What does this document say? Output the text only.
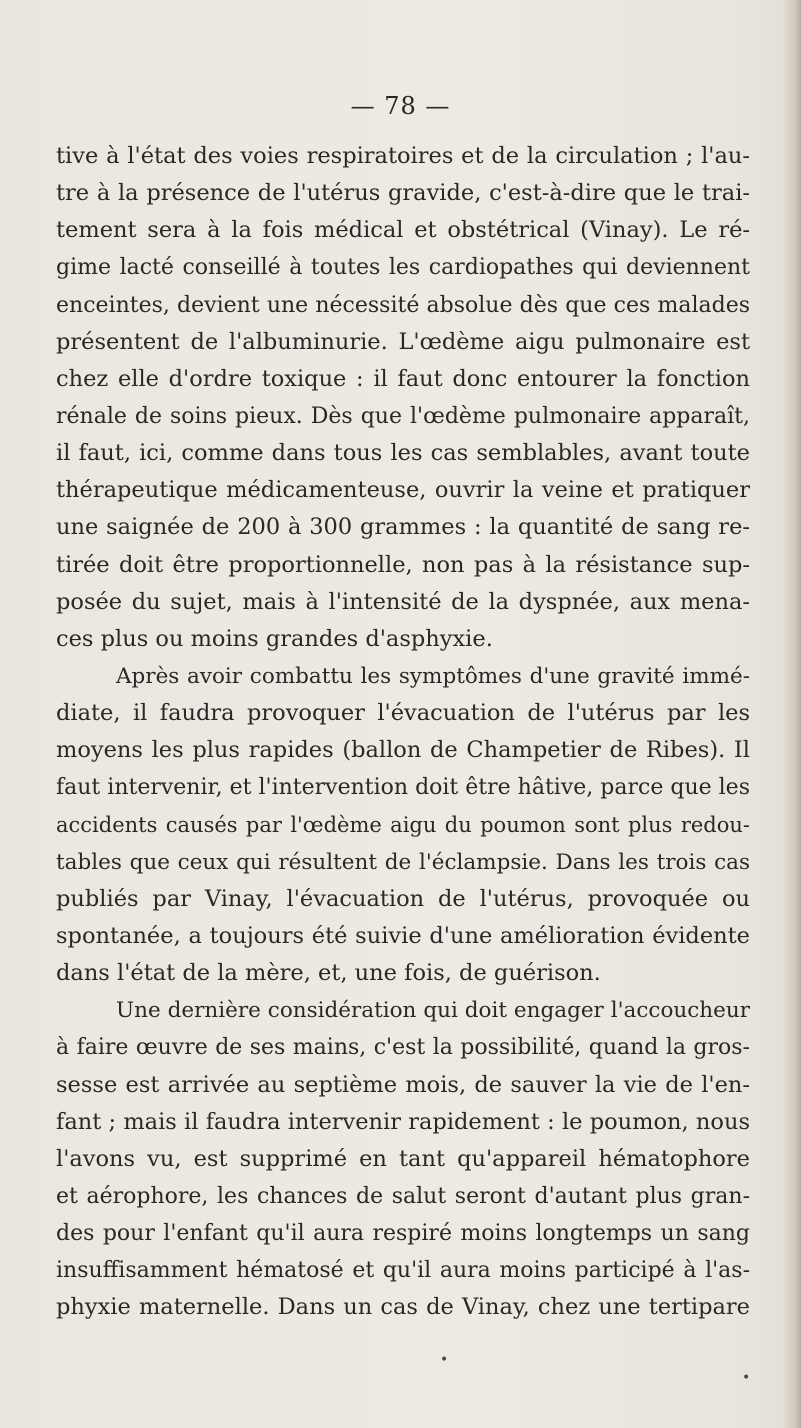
— 78 —
tive à l'état des voies respiratoires et de la circulation ; l'au-
tre à la présence de l'utérus gravide, c'est-à-dire que le trai-
tement sera à la fois médical et obstétrical (Vinay). Le ré-
gime lacté conseillé à toutes les cardiopathes qui deviennent
enceintes, devient une nécessité absolue dès que ces malades
présentent de l'albuminurie. L'œdème aigu pulmonaire est
chez elle d'ordre toxique : il faut donc entourer la fonction
rénale de soins pieux. Dès que l'œdème pulmonaire apparaît,
il faut, ici, comme dans tous les cas semblables, avant toute
thérapeutique médicamenteuse, ouvrir la veine et pratiquer
une saignée de 200 à 300 grammes : la quantité de sang re-
tirée doit être proportionnelle, non pas à la résistance sup-
posée du sujet, mais à l'intensité de la dyspnée, aux mena-
ces plus ou moins grandes d'asphyxie.
Après avoir combattu les symptômes d'une gravité immé-
diate, il faudra provoquer l'évacuation de l'utérus par les
moyens les plus rapides (ballon de Champetier de Ribes). Il
faut intervenir, et l'intervention doit être hâtive, parce que les
accidents causés par l'œdème aigu du poumon sont plus redou-
tables que ceux qui résultent de l'éclampsie. Dans les trois cas
publiés par Vinay, l'évacuation de l'utérus, provoquée ou
spontanée, a toujours été suivie d'une amélioration évidente
dans l'état de la mère, et, une fois, de guérison.
Une dernière considération qui doit engager l'accoucheur
à faire œuvre de ses mains, c'est la possibilité, quand la gros-
sesse est arrivée au septième mois, de sauver la vie de l'en-
fant ; mais il faudra intervenir rapidement : le poumon, nous
l'avons vu, est supprimé en tant qu'appareil hématophore
et aérophore, les chances de salut seront d'autant plus gran-
des pour l'enfant qu'il aura respiré moins longtemps un sang
insuffisamment hématosé et qu'il aura moins participé à l'as-
phyxie maternelle. Dans un cas de Vinay, chez une tertipare
•
•
